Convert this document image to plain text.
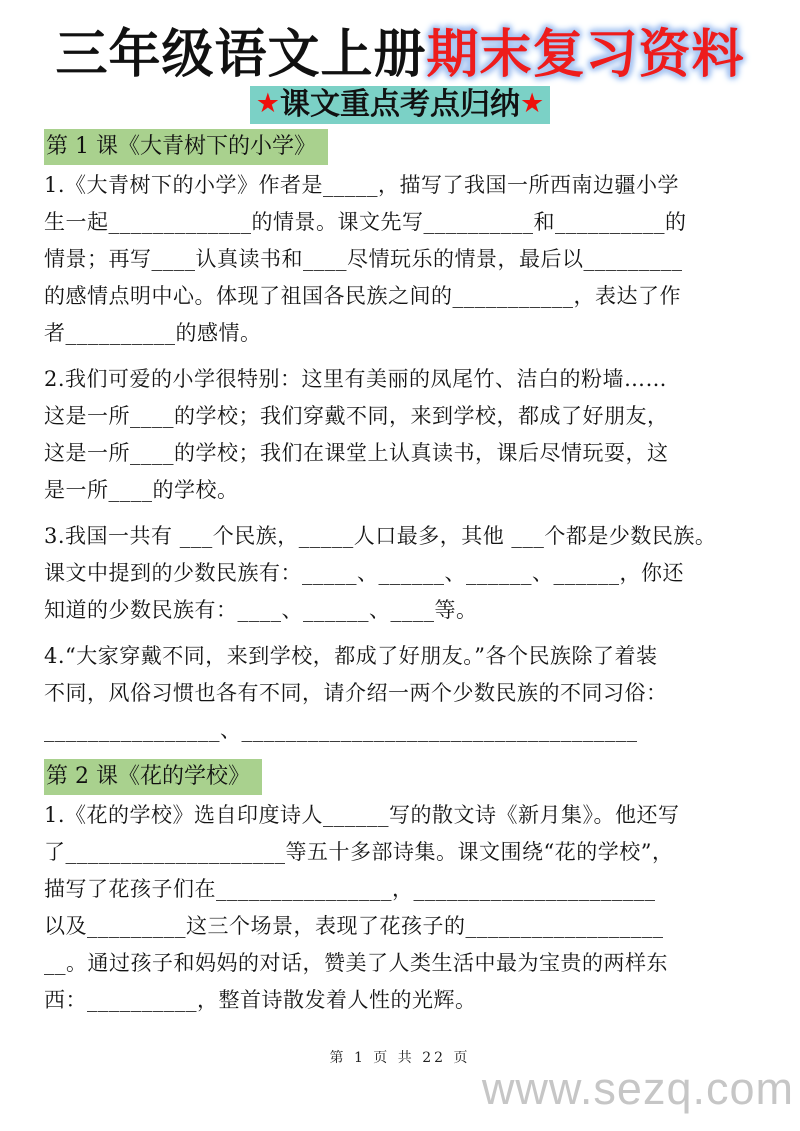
三年级语文上册期末复习资料
★课文重点考点归纳★
第 1 课《大青树下的小学》
1.《大青树下的小学》作者是_____，描写了我国一所西南边疆小学
生一起_____________的情景。课文先写__________和__________的
情景；再写____认真读书和____尽情玩乐的情景，最后以_________
的感情点明中心。体现了祖国各民族之间的___________，表达了作
者__________的感情。
2.我们可爱的小学很特别：这里有美丽的凤尾竹、洁白的粉墙……
这是一所____的学校；我们穿戴不同，来到学校，都成了好朋友，
这是一所____的学校；我们在课堂上认真读书，课后尽情玩耍，这
是一所____的学校。
3.我国一共有 ___个民族，_____人口最多，其他 ___个都是少数民族。
课文中提到的少数民族有：_____、______、______、______，你还
知道的少数民族有：____、______、____等。
4.“大家穿戴不同，来到学校，都成了好朋友。”各个民族除了着装
不同，风俗习惯也各有不同，请介绍一两个少数民族的不同习俗：
________________、____________________________________
第 2 课《花的学校》
1.《花的学校》选自印度诗人______写的散文诗《新月集》。他还写
了____________________等五十多部诗集。课文围绕“花的学校”，
描写了花孩子们在________________，______________________
以及_________这三个场景，表现了花孩子的__________________
__。通过孩子和妈妈的对话，赞美了人类生活中最为宝贵的两样东
西：__________，整首诗散发着人性的光辉。
第 1 页 共 22 页
www.sezq.com
